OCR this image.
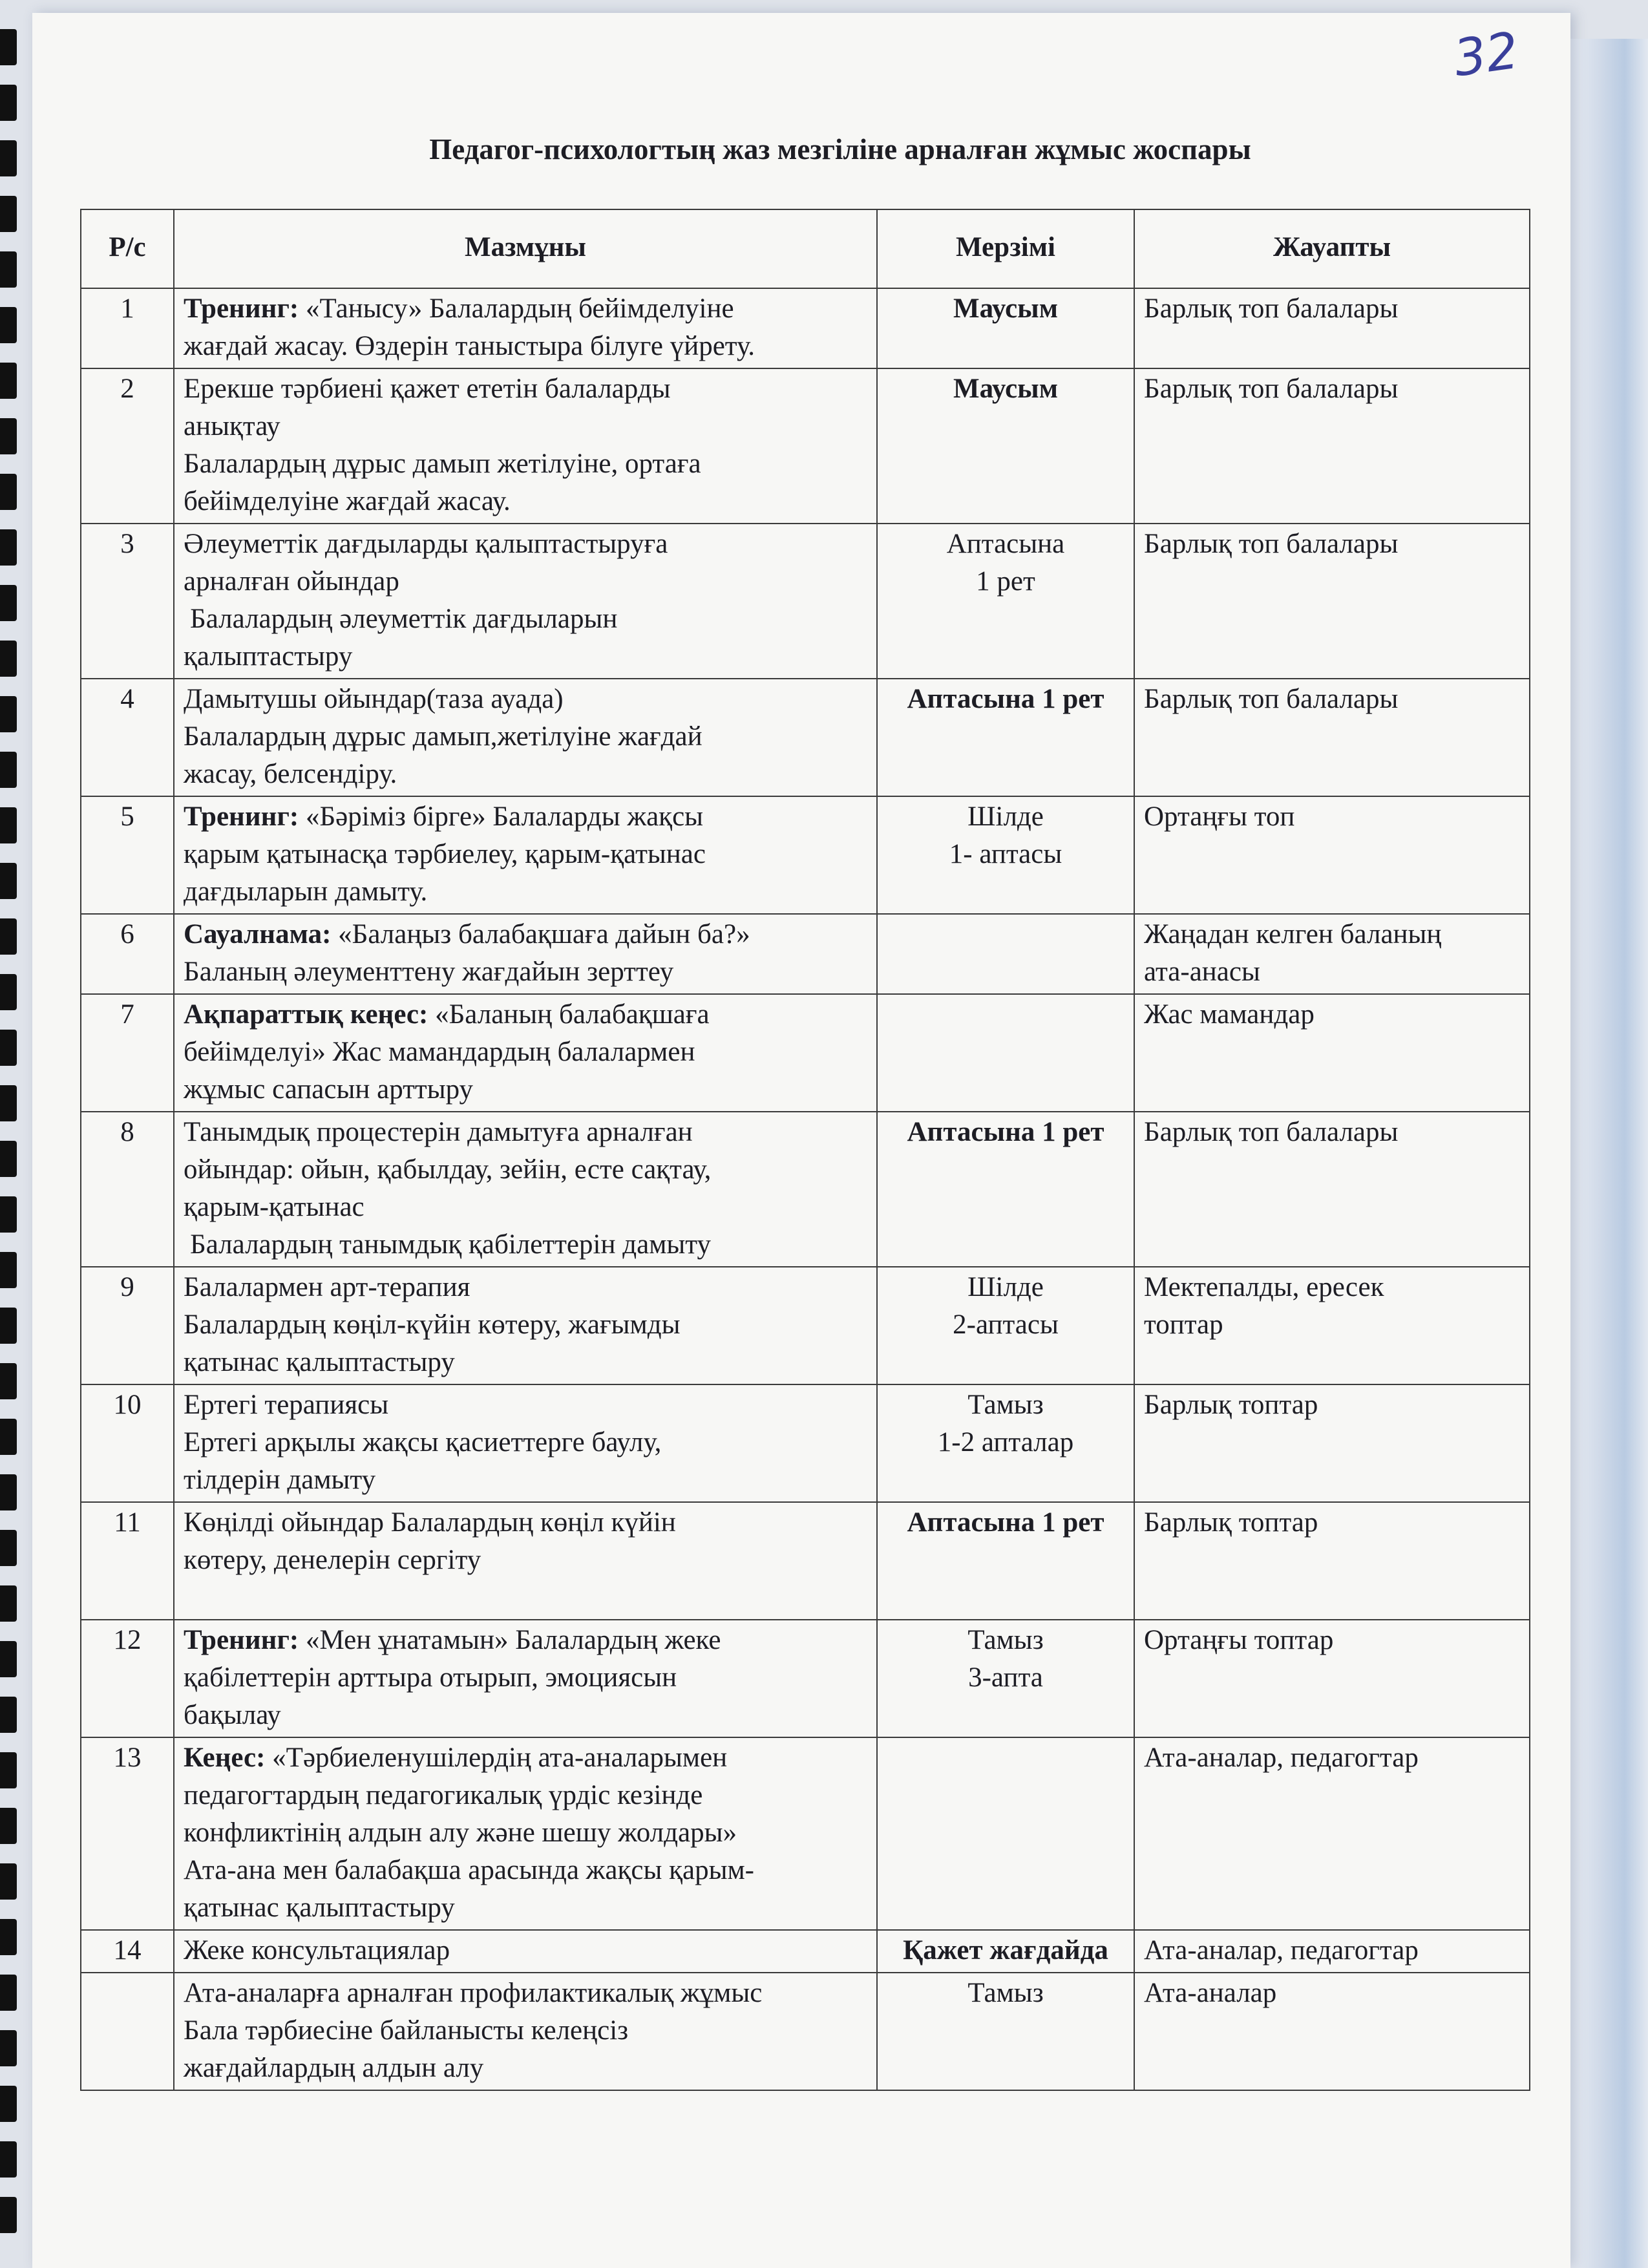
32
Педагог-психологтың жаз мезгіліне арналған жұмыс жоспары
Р/с	Мазмұны	Мерзімі	Жауапты
1	Тренинг: «Танысу» Балалардың бейімделуіне
жағдай жасау. Өздерін таныстыра білуге үйрету.	Маусым	Барлық топ балалары

2	Ерекше тәрбиені қажет ететін балаларды
анықтау
Балалардың дұрыс дамып жетілуіне, ортаға
бейімделуіне жағдай жасау.	Маусым	Барлық топ балалары

3	Әлеуметтік дағдыларды қалыптастыруға
арналған ойындар
Балалардың әлеуметтік дағдыларын
қалыптастыру	Аптасына
1 рет	Барлық топ балалары

4	Дамытушы ойындар(таза ауада)
Балалардың дұрыс дамып,жетілуіне жағдай
жасау, белсендіру.	Аптасына 1 рет	Барлық топ балалары

5	Тренинг: «Бәріміз бірге» Балаларды жақсы
қарым қатынасқа тәрбиелеу, қарым-қатынас
дағдыларын дамыту.	Шілде
1- аптасы	Ортаңғы топ

6	Сауалнама: «Балаңыз балабақшаға дайын ба?»
Баланың әлеументтену жағдайын зерттеу		Жаңадан келген баланың
ата-анасы

7	Ақпараттық кеңес: «Баланың балабақшаға
бейімделуі» Жас мамандардың балалармен
жұмыс сапасын арттыру		Жас мамандар

8	Танымдық процестерін дамытуға арналған
ойындар: ойын, қабылдау, зейін, есте сақтау,
қарым-қатынас
Балалардың танымдық қабілеттерін дамыту	Аптасына 1 рет	Барлық топ балалары

9	Балалармен арт-терапия
Балалардың көңіл-күйін көтеру, жағымды
қатынас қалыптастыру	Шілде
2-аптасы	Мектепалды, ересек
топтар

10	Ертегі терапиясы
Ертегі арқылы жақсы қасиеттерге баулу,
тілдерін дамыту	Тамыз
1-2 апталар	Барлық топтар

11	Көңілді ойындар Балалардың көңіл күйін
көтеру, денелерін сергіту	Аптасына 1 рет	Барлық топтар

12	Тренинг: «Мен ұнатамын» Балалардың жеке
қабілеттерін арттыра отырып, эмоциясын
бақылау	Тамыз
3-апта	Ортаңғы топтар

13	Кеңес: «Тәрбиеленушілердің ата-аналарымен
педагогтардың педагогикалық үрдіс кезінде
конфликтінің алдын алу және шешу жолдары»
Ата-ана мен балабақша арасында жақсы қарым-
қатынас қалыптастыру		Ата-аналар, педагогтар

14	Жеке консультациялар	Қажет жағдайда	Ата-аналар, педагогтар

	Ата-аналарға арналған профилактикалық жұмыс
Бала тәрбиесіне байланысты келеңсіз
жағдайлардың алдын алу	Тамыз	Ата-аналар
